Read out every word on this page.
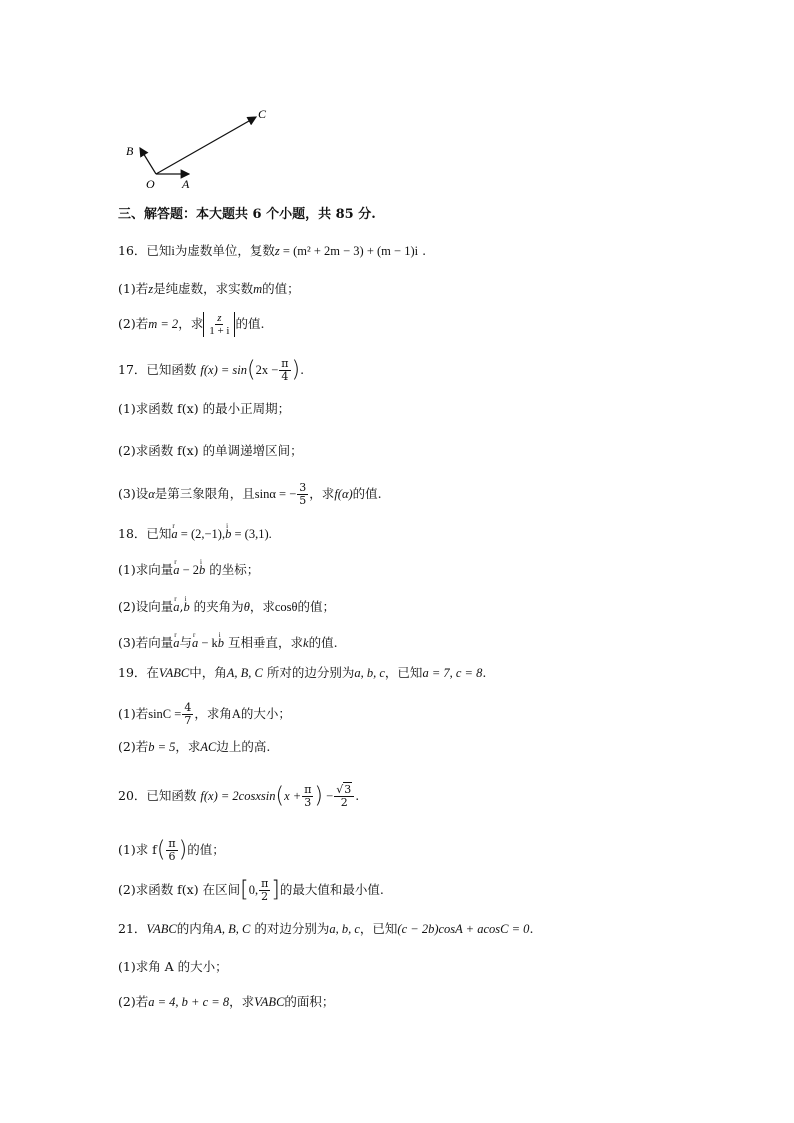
C
B
O A
三、解答题：本大题共 6 个小题，共 85 分.
16．已知i为虚数单位，复数z = (m² + 2m − 3) + (m − 1)i .
(1)若z是纯虚数，求实数m的值；
(2)若m = 2，求 $\frac{z}{1 + i}$ 的值.
17．已知函数 $f(x) = \sin(2x - \frac{\pi}{4}$ ).
(1)求函数 f(x) 的最小正周期；
(2)求函数 f(x) 的单调递增区间；
(3)设α是第三象限角，且sinα = − $\frac{3}{5}$ ，求f(α)的值.
18．已知r a = (2,−1),i b = (3,1).
(1)求向量r a − 2i b 的坐标；
(2)设向量r a,i b 的夹角为θ，求cosθ的值；
(3)若向量r a与r a − ki b 互相垂直，求k的值.
19．在VABC中，角A, B, C 所对的边分别为a, b, c，已知a = 7, c = 8.
(1)若$\sin C = \frac{4}{7}$ ，求角A的大小；
(2)若b = 5，求AC边上的高.
20．已知函数 f(x) = 2cosxsin(x + $\frac{\pi}{3}$ ) − $\frac{√3}{2}$ .
(1)求 $f( \frac{\pi}{6}$ )的值；
(2)求函数 f(x) 在区间[0, $\frac{\pi}{2}$ ]的最大值和最小值.
21．VABC的内角A, B, C 的对边分别为a, b, c，已知(c − 2b)cosA + acosC = 0.
(1)求角 A 的大小；
(2)若a = 4, b + c = 8，求VABC的面积；
